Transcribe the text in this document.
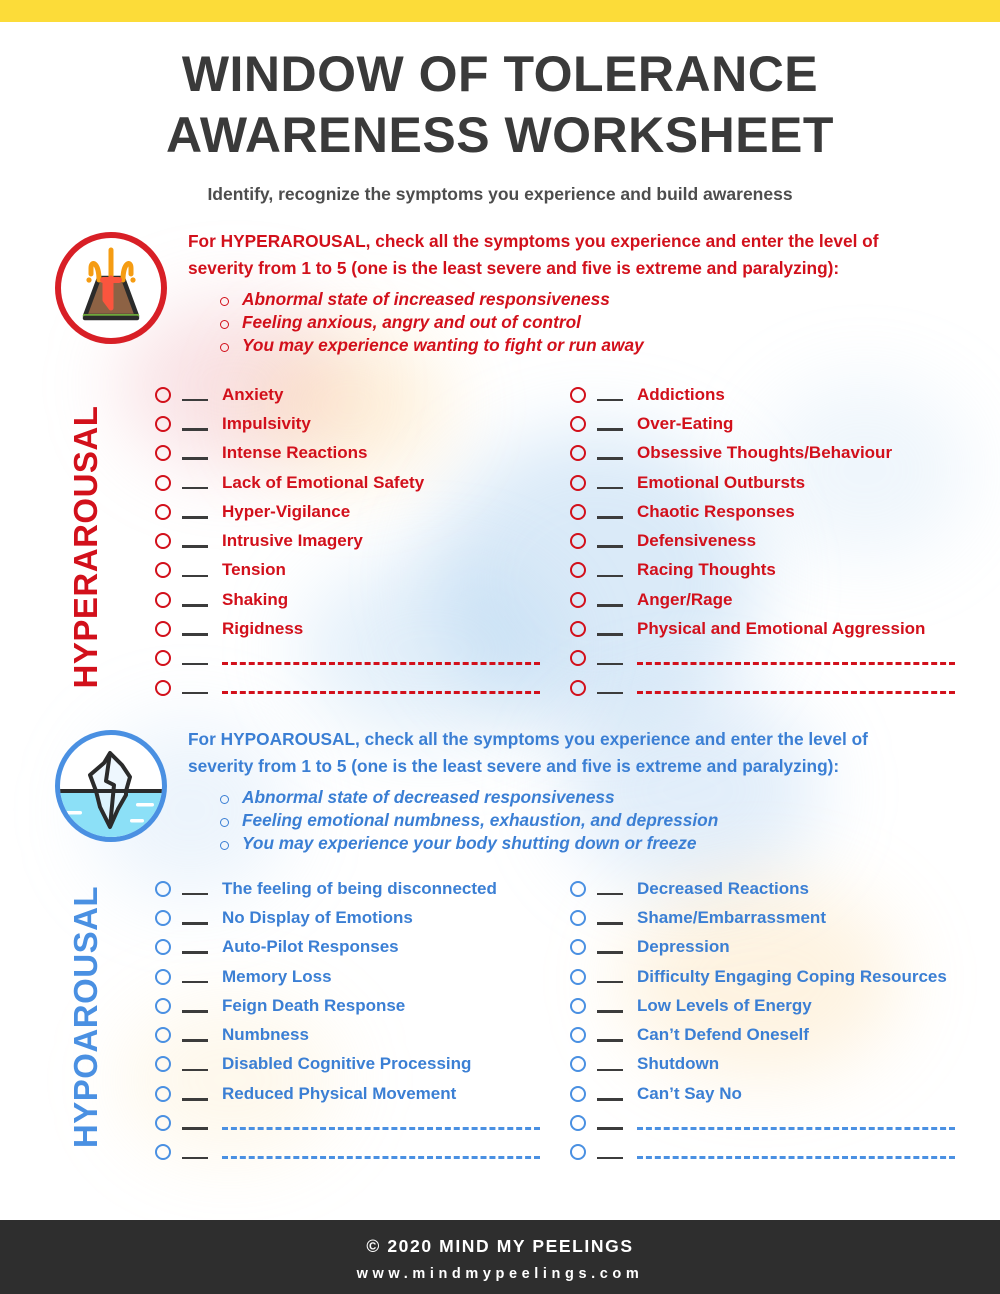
WINDOW OF TOLERANCE
AWARENESS WORKSHEET
Identify, recognize the symptoms you experience and build awareness
For HYPERAROUSAL, check all the symptoms you experience and enter the level of
severity from 1 to 5 (one is the least severe and five is extreme and paralyzing):
Abnormal state of increased responsiveness
Feeling anxious, angry and out of control
You may experience wanting to fight or run away
HYPERAROUSAL
Anxiety
Impulsivity
Intense Reactions
Lack of Emotional Safety
Hyper-Vigilance
Intrusive Imagery
Tension
Shaking
Rigidness
Addictions
Over-Eating
Obsessive Thoughts/Behaviour
Emotional Outbursts
Chaotic Responses
Defensiveness
Racing Thoughts
Anger/Rage
Physical and Emotional Aggression
For HYPOAROUSAL, check all the symptoms you experience and enter the level of
severity from 1 to 5 (one is the least severe and five is extreme and paralyzing):
Abnormal state of decreased responsiveness
Feeling emotional numbness, exhaustion, and depression
You may experience your body shutting down or freeze
HYPOAROUSAL	The feeling of being disconnected
No Display of Emotions
Auto-Pilot Responses
Memory Loss
Feign Death Response
Numbness
Disabled Cognitive Processing
Reduced Physical Movement
Decreased Reactions
Shame/Embarrassment
Depression
Difficulty Engaging Coping Resources
Low Levels of Energy
Can’t Defend Oneself
Shutdown
Can’t Say No
© 2020 MIND MY PEELINGS
www.mindmypeelings.com
